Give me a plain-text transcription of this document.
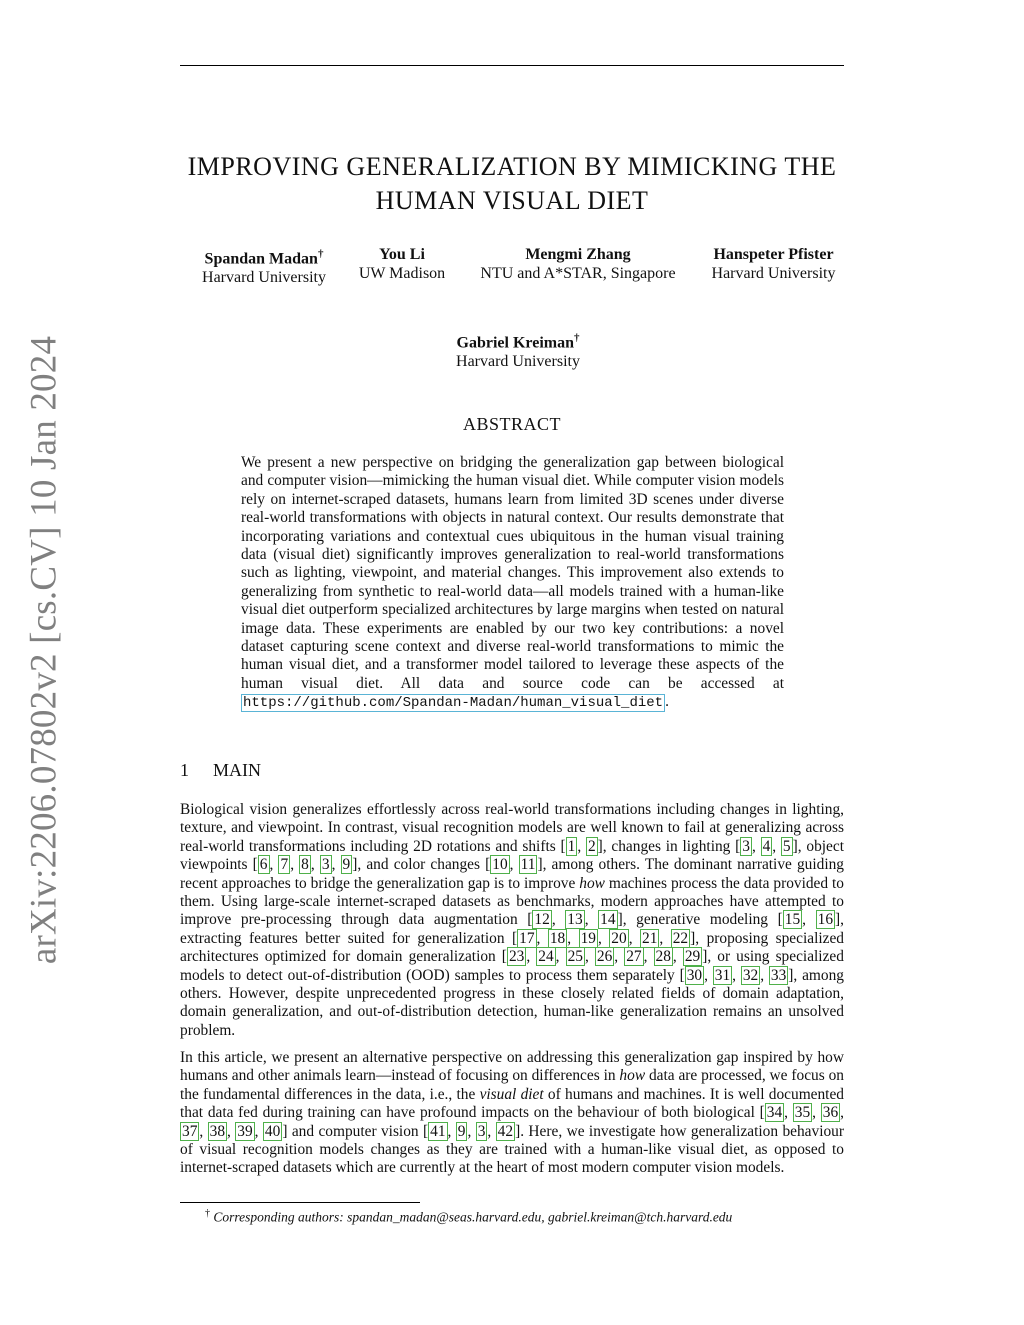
arXiv:2206.07802v2 [cs.CV] 10 Jan 2024
IMPROVING GENERALIZATION BY MIMICKING THE HUMAN VISUAL DIET
Spandan Madan†
Harvard University
You Li
UW Madison
Mengmi Zhang
NTU and A*STAR, Singapore
Hanspeter Pfister
Harvard University
Gabriel Kreiman†
Harvard University
ABSTRACT
We present a new perspective on bridging the generalization gap between biological and computer vision—mimicking the human visual diet. While computer vision models rely on internet-scraped datasets, humans learn from limited 3D scenes under diverse real-world transformations with objects in natural context. Our results demonstrate that incorporating variations and contextual cues ubiquitous in the human visual training data (visual diet) significantly improves generalization to real-world transformations such as lighting, viewpoint, and material changes. This improvement also extends to generalizing from synthetic to real-world data—all models trained with a human-like visual diet outperform specialized architectures by large margins when tested on natural image data. These experiments are enabled by our two key contributions: a novel dataset capturing scene context and diverse real-world transformations to mimic the human visual diet, and a transformer model tailored to leverage these aspects of the human visual diet. All data and source code can be accessed at https://github.com/Spandan-Madan/human_visual_diet .
1 MAIN
Biological vision generalizes effortlessly across real-world transformations including changes in lighting, texture, and viewpoint. In contrast, visual recognition models are well known to fail at generalizing across real-world transformations including 2D rotations and shifts [ 1 , 2 ], changes in lighting [ 3 , 4 , 5 ], object viewpoints [ 6 , 7 , 8 , 3 , 9 ], and color changes [ 10 , 11 ], among others. The dominant narrative guiding recent approaches to bridge the generalization gap is to improve how machines process the data provided to them. Using large-scale internet-scraped datasets as benchmarks, modern approaches have attempted to improve pre-processing through data augmentation [ 12 , 13 , 14 ], generative modeling [ 15 , 16 ], extracting features better suited for generalization [ 17 , 18 , 19 , 20 , 21 , 22 ], proposing specialized architectures optimized for domain generalization [ 23 , 24 , 25 , 26 , 27 , 28 , 29 ], or using specialized models to detect out-of-distribution (OOD) samples to process them separately [ 30 , 31 , 32 , 33 ], among others. However, despite unprecedented progress in these closely related fields of domain adaptation, domain generalization, and out-of-distribution detection, human-like generalization remains an unsolved problem.
In this article, we present an alternative perspective on addressing this generalization gap inspired by how humans and other animals learn—instead of focusing on differences in how data are processed, we focus on the fundamental differences in the data, i.e., the visual diet of humans and machines. It is well documented that data fed during training can have profound impacts on the behaviour of both biological [ 34 , 35 , 36 , 37 , 38 , 39 , 40 ] and computer vision [ 41 , 9 , 3 , 42 ]. Here, we investigate how generalization behaviour of visual recognition models changes as they are trained with a human-like visual diet, as opposed to internet-scraped datasets which are currently at the heart of most modern computer vision models.
† Corresponding authors: spandan_madan@seas.harvard.edu, gabriel.kreiman@tch.harvard.edu
